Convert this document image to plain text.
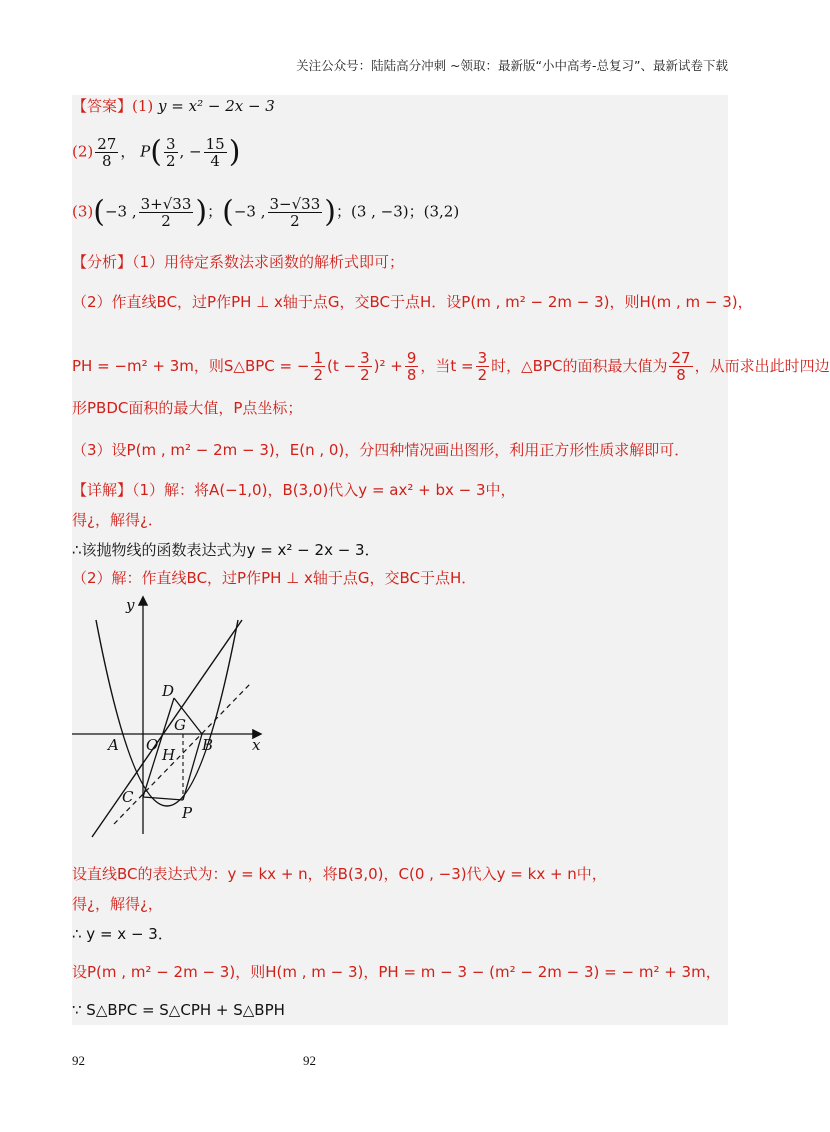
关注公众号：陆陆高分冲刺 ~领取：最新版“小中高考-总复习”、最新试卷下载
【答案】(1) y = x² − 2x − 3
$(2) \frac{27}{8}$ ， $P( \frac{3}{2}$ , − $\frac{15}{4}$ )
(3)(−3 , $\frac{3+√33}{2}$ )；(−3 , $\frac{3-√33}{2}$ )；(3 , −3)；(3,2)
【分析】（1）用待定系数法求函数的解析式即可；
（2）作直线BC，过P作PH ⊥ x轴于点G，交BC于点H．设P(m , m² − 2m − 3)，则H(m , m − 3)，
PH = −m² + 3m，则S△BPC = − $\frac{1}{2} (t - \frac{3}{2} )^2 + \frac{9}{8}$ ，当$t = \frac{3}{2}$ 时，△BPC的面积最大值为 $\frac{27}{8}$ ，从而求出此时四边
形PBDC面积的最大值，P点坐标；
（3）设P(m , m² − 2m − 3)，E(n , 0)，分四种情况画出图形，利用正方形性质求解即可．
【详解】（1）解：将A(−1,0)，B(3,0)代入y = ax² + bx − 3中，
得¿，解得¿．
∴该抛物线的函数表达式为y = x² − 2x − 3．
（2）解：作直线BC，过P作PH ⊥ x轴于点G，交BC于点H．
y
x
A O	B
C
D
G
H
P
设直线BC的表达式为：y = kx + n，将B(3,0)，C(0 , −3)代入y = kx + n中，
得¿，解得¿，
∴ y = x − 3．
设P(m , m² − 2m − 3)，则H(m , m − 3)，PH = m − 3 − (m² − 2m − 3) = − m² + 3m，
∵ S△BPC = S△CPH + S△BPH
92	92
